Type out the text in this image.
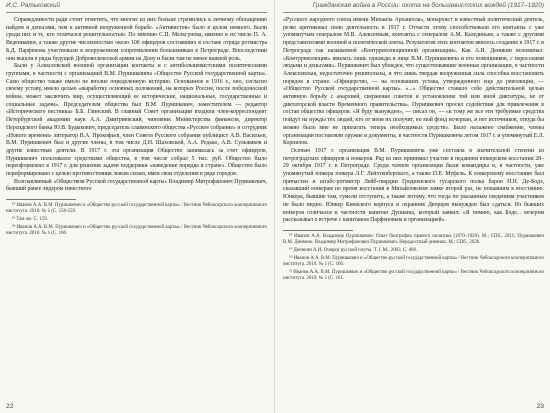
И.С. Ратьковский

Справедливости ради стоит отметить, что многие из них больше стремились к личному обогащению найдем и деньгами, чем к активной вооруженной борьбе. «Активистов» было в целом немного. Были среди них и те, кто отличался решительностью. По мнению С.П. Мельгунова, именно в их числе П. А. Ведениапин, а также другие численностью около 100 офицеров состоявших в составе отряда ротмистра Б.Д. Парфенова участвовали в вооруженном сопротивлении большевикам в Петрограде. Впоследствии они вышли в ряды будущей Добровольческой армии на Дону и были там не менее важной роль.

Были у Алексеевской военной организации контакты и с антибольшевистскими политическими группами, в частности с организацией В.М. Пуришкевича «Общество Русской государственной карты». Само общество также имело не вполне определенную историю. Основанное в 1916 г., оно, согласно своему уставу, имело целью «выработку основных положений, на которых Россия, после победоносной войны, может заключить мир, осуществляющий ее исторические, национальные, государственные и социальные задачи». Председателем общества был В.М. Пуришкевич, заместителем — редактор «Исторического вестника» Б.Б. Глинский. В главный Совет организации входили член-корреспондент Петербургской академии наук А.А. Дмитриевский, чиновник Министерства финансов, директор Персидского банка Ю.В. Будыкович, председатель славянского общества «Русское собрание» и сотрудник «Нового времени» литератор В.А. Прокофьев, член Совета Русского собрания публицист А.В. Васильев, В.М. Пуришкевич был и другие члены, в том числе Д.Н. Шаховской, А.А. Редько, А.В. Сульжиков и другие известные деятели. В 1917 г. эта организация Общество занималась за счет офицеров, Пуришкевич пользовался средствами общества, в том числе собрал 5 тыс. руб. Общество было переоформлено в 1917 г. для решения задачи поддержки «наведение порядка в стране». Общество было переформировано с целью противостояния левым силам, имея свои отделения в ряде городов.

Возглавляемый «Обществом Русской государственной карты» Владимир Митрофанович Пуришкевич, бывший ранее лидером известного

¹⁸ Иванов А.А. В.М. Пуришкевич и «Общество русской государственной карты» / Вестник Чебоксарского кооперативного института. 2010. № 1 (С. 158-159.

¹⁹ Там же. С. 159.

²⁰ Иванов А.А. В.М. Пуришкевич и «Общество русской государственной карты» / Вестник Чебоксарского кооперативного института. 2010. № 1 (С. 160.

22
Гражданская война в России: охота на большевистских вождей (1917–1920)

«Русского народного союза имени Михаила Архангела», монархист и известный политический деятель, резко критиковал свою деятельность в 1917 г. Отчасти этому способствовали его контакты с уже упомянутым генералом М.В. Алексеевым, контакты с генералом А.М. Калединым, а также с другими представителями военной и политической элиты. Результатом этих контактов явилось создание в 1917 г. в Петрограде так называемой «Контрреволюционной организации». Как А.И. Деникин вспоминал: «Контрреволюция» явилась лишь однажды в лице В.М. Пуришкевича и его помощников, с неросскими людьми и деньгами». Пуришкевич был убежден, что существовавшие военные организации, в частности Алексеевская, недостаточно решительны, и что лишь твердая вооруженная сила способна восстановить порядок в стране. «Офицерство, — на основаниях устава, утвержденного еще до революции, — «Общество Русской государственной карты». «...» Общество ставило себе действительной целью активную борьбу с анархией, свержение советов и установление той или иной диктатуры, не от диктаторской власти Временного правительства». Пуришкевич просил содействия для привлечения в состав общества офицеров. «Я буду вынужден», — писал он, — «к тому же все эти требуемые средства пойдут на нужды тех людей, кто от меня их получит, но мой фонд исчерпан, и нет источников, откуда бы можно было мне не прилагать теперь необходимых средств». Было налажено снабжение, члены организации поставляли оружие и документы, в частности Пуришкевича летом 1917 г. и упомянутый Е.Л. Корнилов.

Осенью 1917 г. организация В.М. Пуришкевича уже состояла в значительной степени из петроградских офицеров и юнкеров. Ряд из них принимал участие в недавнем юнкерском восстании 28–29 октября 1917 г. в Петрограде. Среди членов организации были командиры и, в частности, уже упомянутый юнкера юнкера Л.Г. Лейхтенберского, а также П.Е. Муфель. К юнкерскому восстанию был причастен и штабс-ротмистр Лейб-гвардии Гродненского гусарского полка барон Н.Н. Де-Бодэ, сказавший юнкерам по время восстания в Михайловском замке второй раз, не попавшим к восстанию. Юнкера, бывшие там, сумели отступить, а также потому, что тогда по указанным сведениям участников не было видно. Юнкер Киевского корпуса и охранник Дворцов вынужден был сдаться. Из бывших юнкеров отличался в частности капитан Душкина, который заявил: «Я помню, как Боде... вечером рассказывал о встрече с капитаном Парфеновым и организацией».

¹⁸ Иванов А.А. Владимир Пуришкевич: Опыт биографии правого политика (1870–1920). М.; СПб., 2011; Пуришкевич В.М. Дневник. Владимир Митрофанович Пуришкевич. Нерадостный дневник. М.; СПб., 2020.

¹⁹ Деникин А.И. Очерки русской смуты. Т. I. М., 2003. С. 486.

²⁰ Иванов А.А. В.М. Пуришкевич и «Общество русской государственной карты» / Вестник Чебоксарского кооперативного института. 2010. № 1 (С. 160.

²¹ Иванов А.А. В.М. Пуришкевич и «Общество русской государственной карты» / Вестник Чебоксарского кооперативного института. 2010. № 1 (С. 161.

23
